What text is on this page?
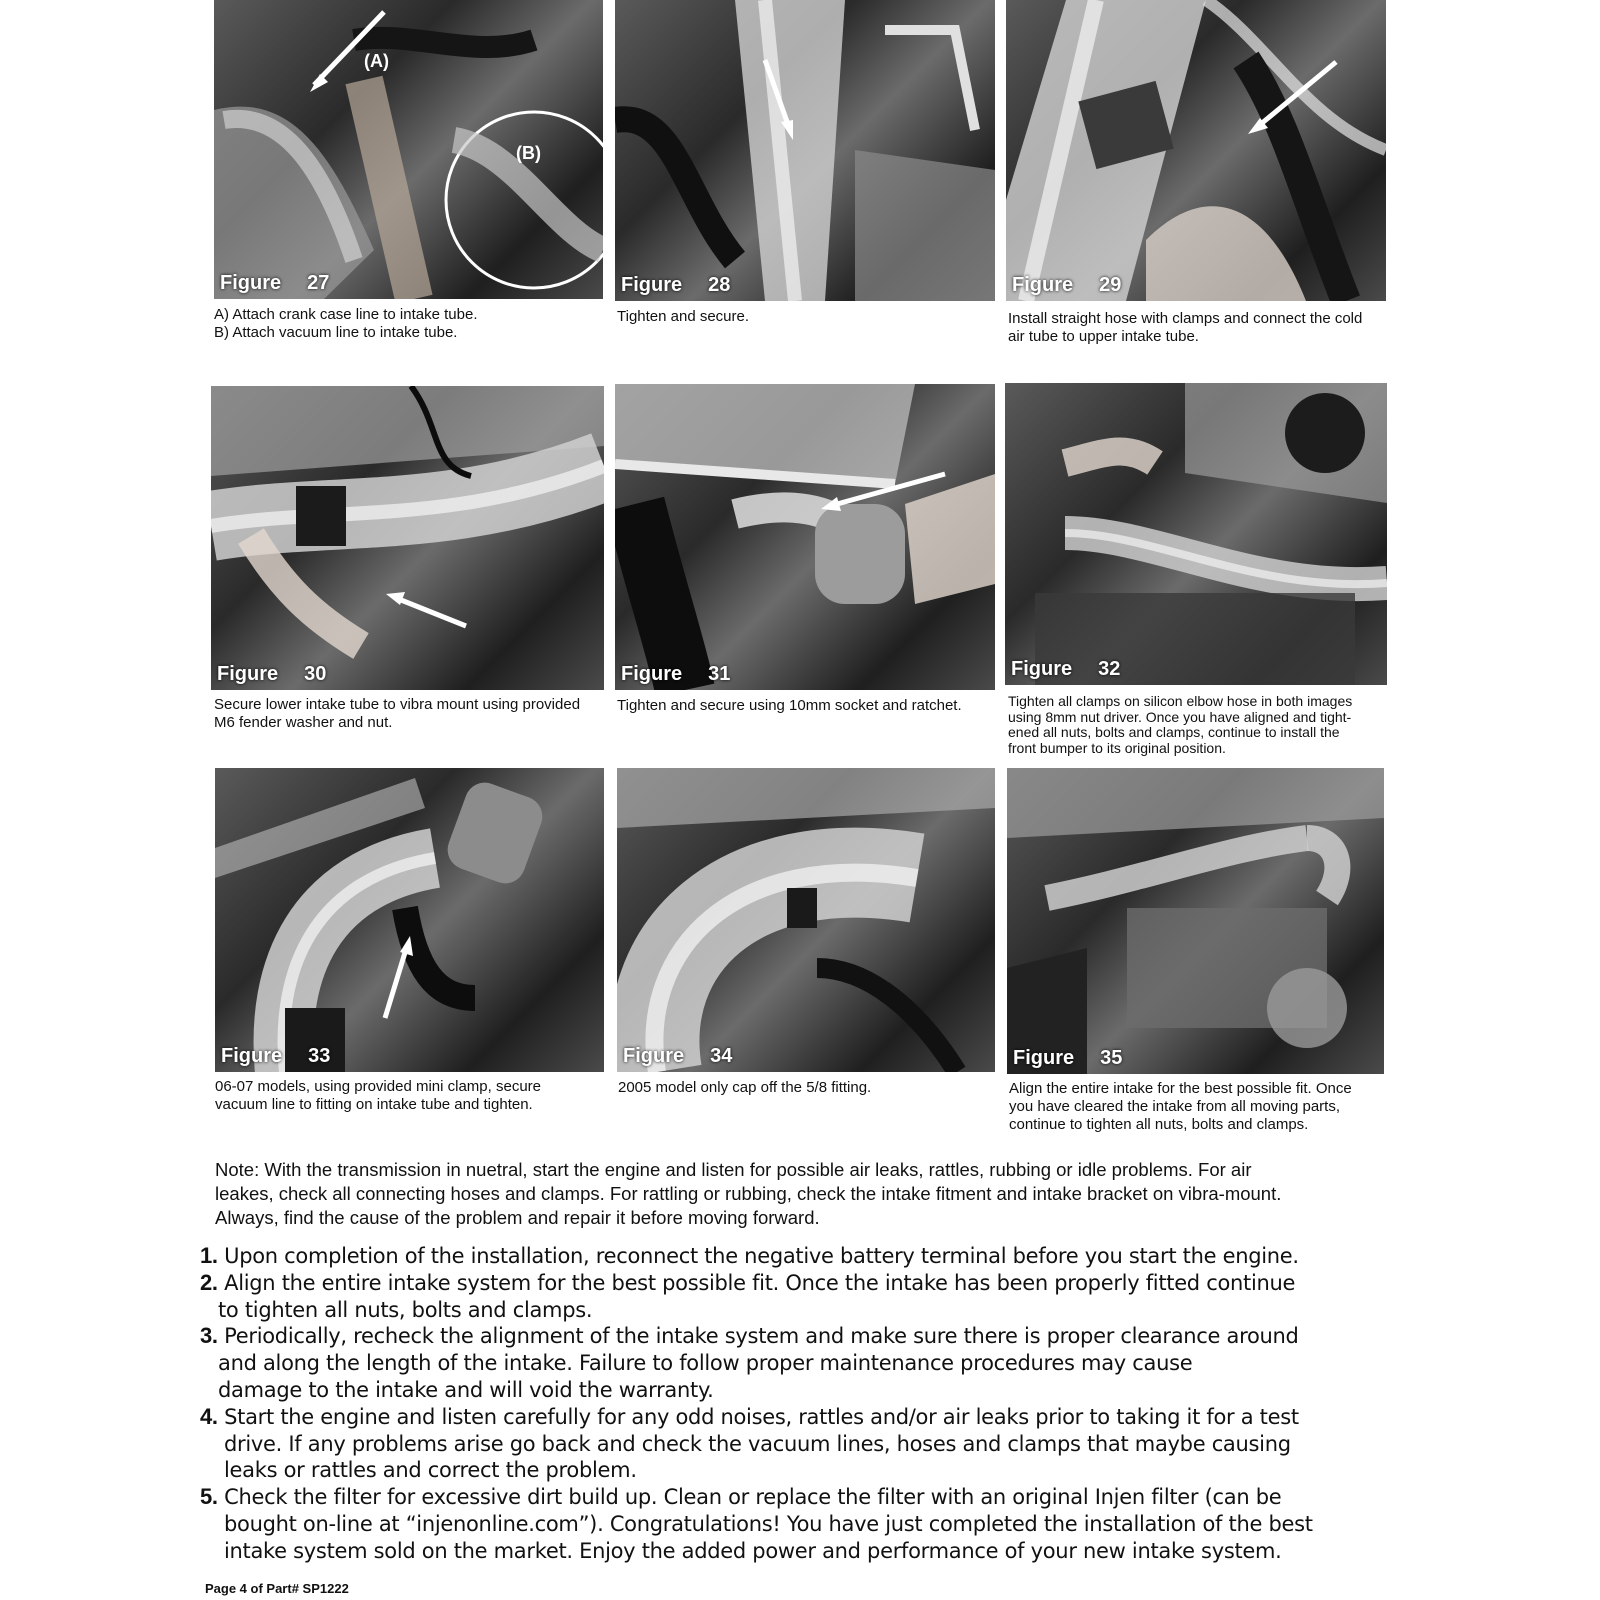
(A)
(B)
Figure 27
A) Attach crank case line to intake tube.
B) Attach vacuum line to intake tube.
Figure 28
Tighten and secure.
Figure 29
Install straight hose with clamps and connect the cold
air tube to upper intake tube.
Figure 30
Secure lower intake tube to vibra mount using provided
M6 fender washer and nut.
Figure 31
Tighten and secure using 10mm socket and ratchet.
Figure 32
Tighten all clamps on silicon elbow hose in both images
using 8mm nut driver. Once you have aligned and tight-
ened all nuts, bolts and clamps, continue to install the
front bumper to its original position.
Figure 33
06-07 models, using provided mini clamp, secure
vacuum line to fitting on intake tube and tighten.
Figure 34
2005 model only cap off the 5/8 fitting.
Figure 35
Align the entire intake for the best possible fit. Once
you have cleared the intake from all moving parts,
continue to tighten all nuts, bolts and clamps.
Note: With the transmission in nuetral, start the engine and listen for possible air leaks, rattles, rubbing or idle problems. For air
leakes, check all connecting hoses and clamps. For rattling or rubbing, check the intake fitment and intake bracket on vibra-mount.
Always, find the cause of the problem and repair it before moving forward.
1. Upon completion of the installation, reconnect the negative battery terminal before you start the engine.
2. Align the entire intake system for the best possible fit. Once the intake has been properly fitted continue
to tighten all nuts, bolts and clamps.
3. Periodically, recheck the alignment of the intake system and make sure there is proper clearance around
and along the length of the intake. Failure to follow proper maintenance procedures may cause
damage to the intake and will void the warranty.
4. Start the engine and listen carefully for any odd noises, rattles and/or air leaks prior to taking it for a test
drive. If any problems arise go back and check the vacuum lines, hoses and clamps that maybe causing
leaks or rattles and correct the problem.
5. Check the filter for excessive dirt build up. Clean or replace the filter with an original Injen filter (can be
bought on-line at “injenonline.com”). Congratulations! You have just completed the installation of the best
intake system sold on the market. Enjoy the added power and performance of your new intake system.
Page 4 of Part# SP1222
